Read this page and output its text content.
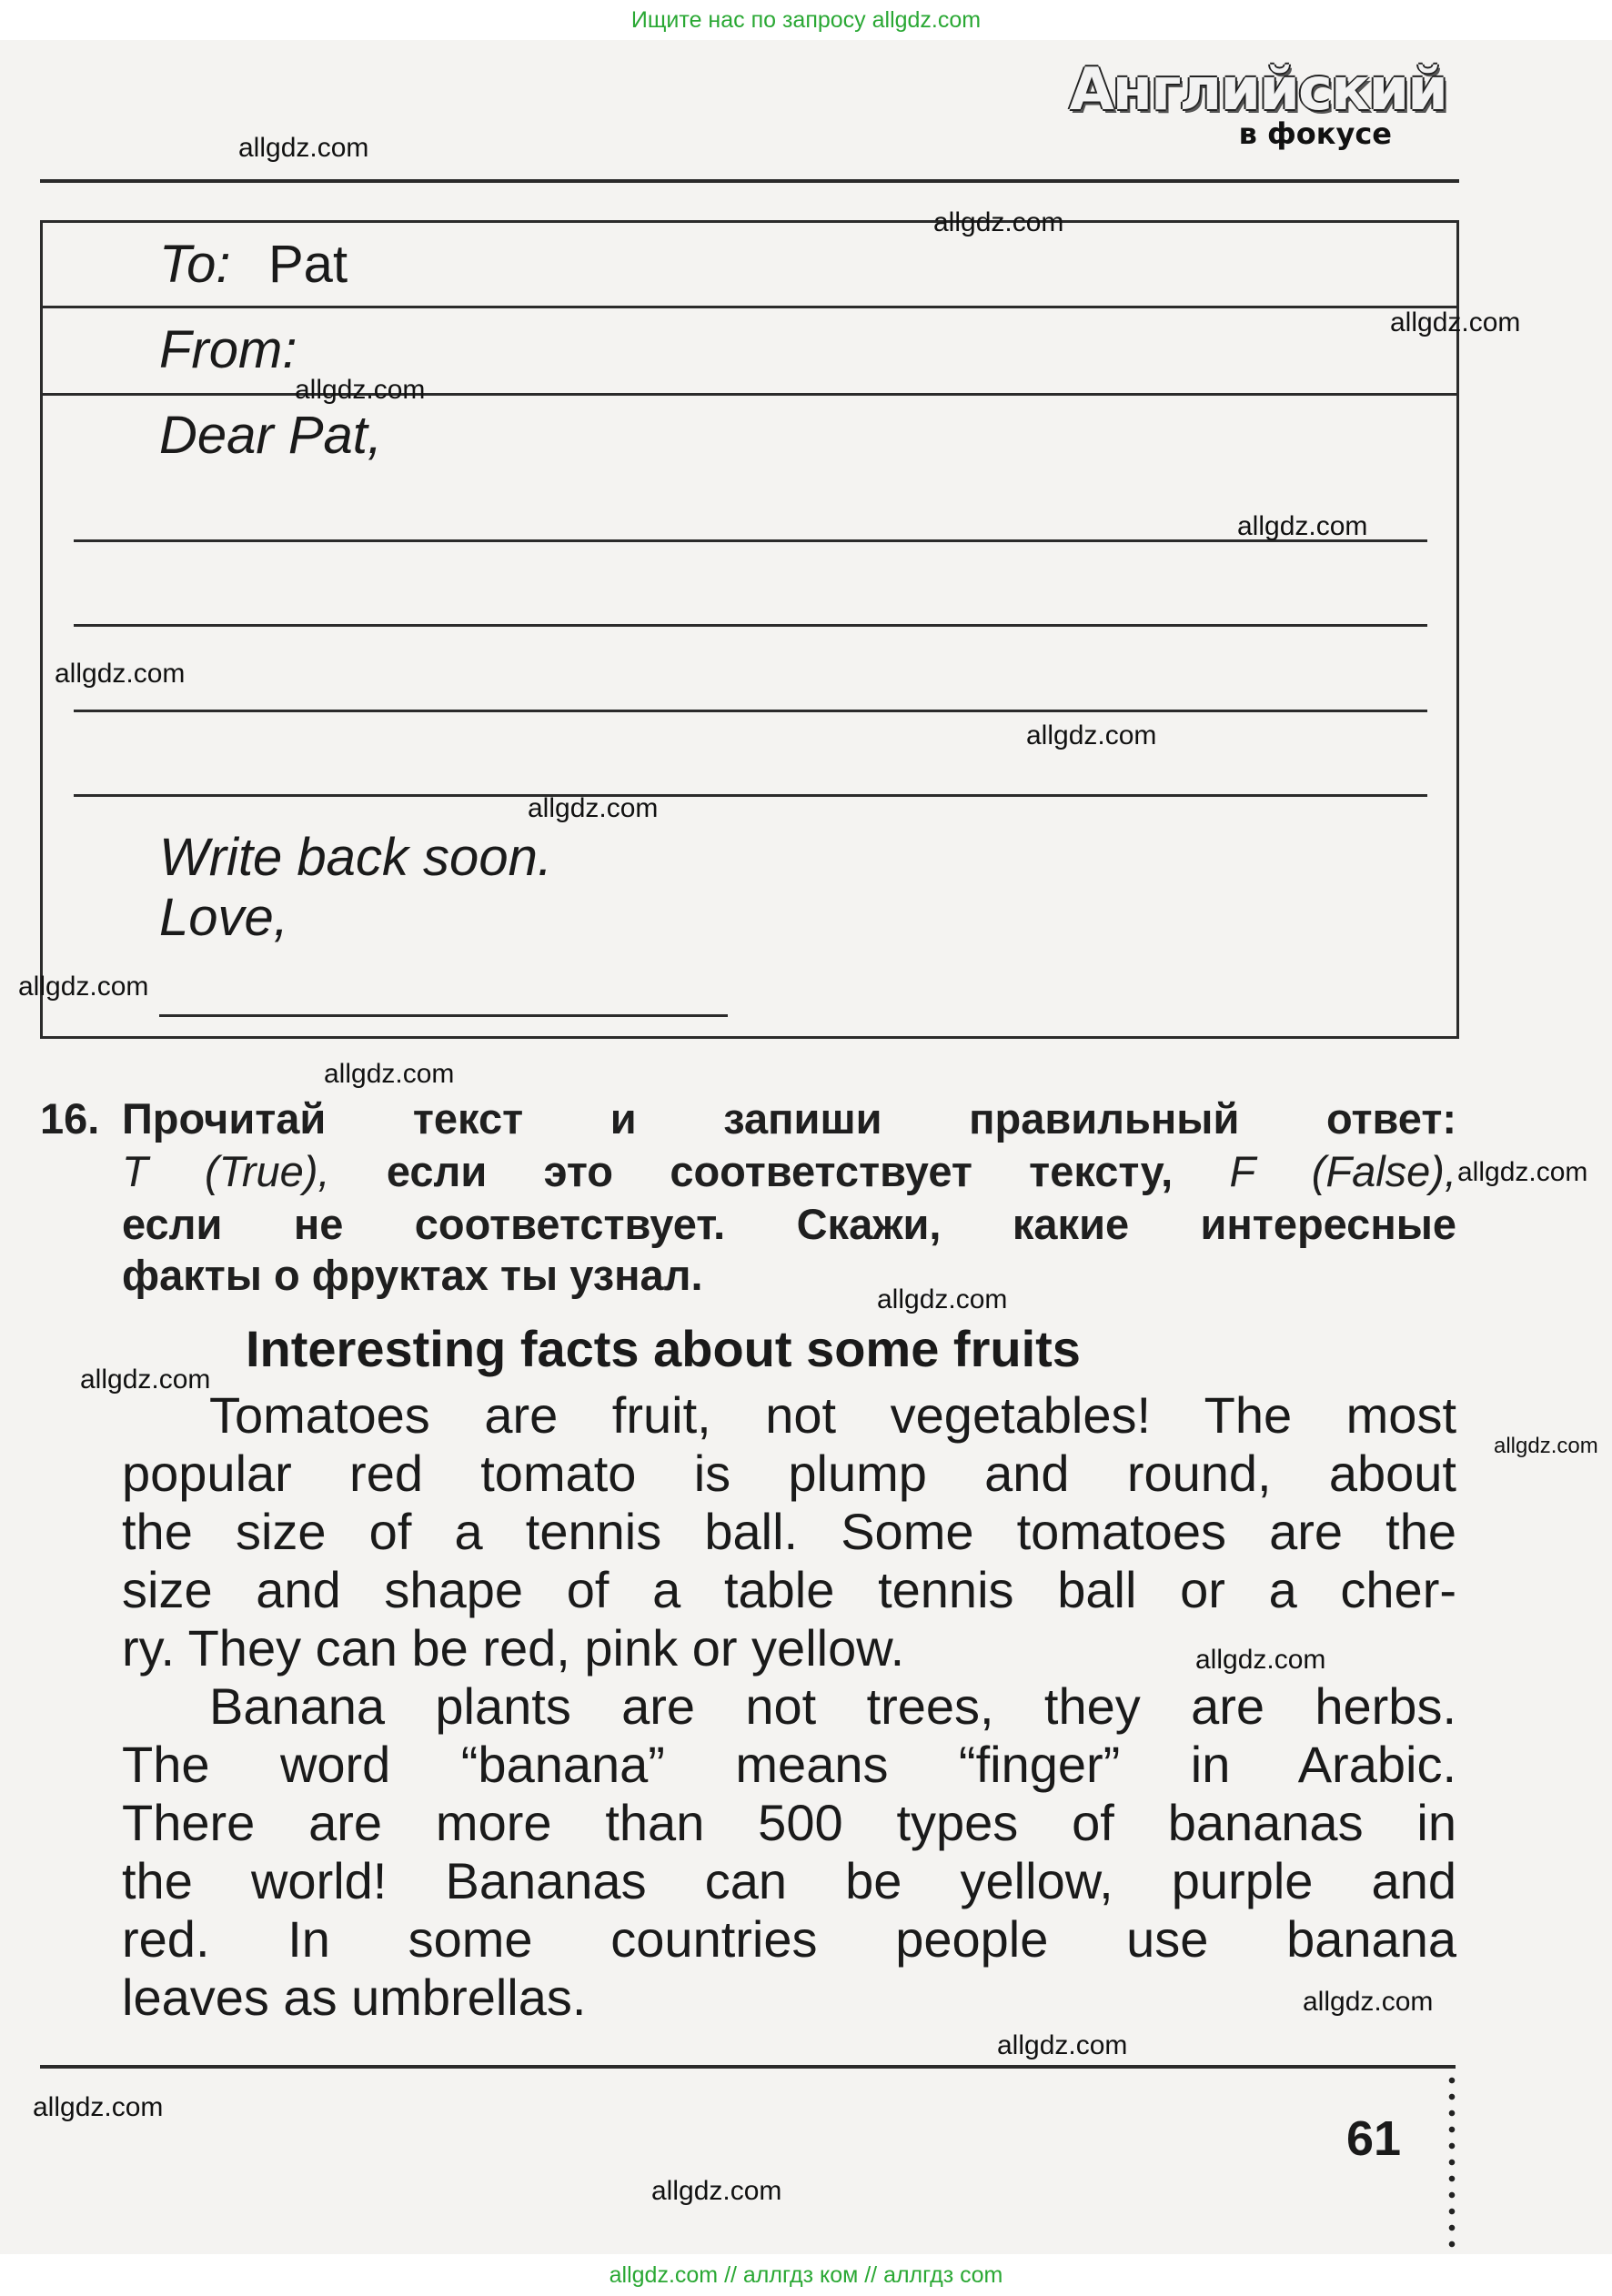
Ищите нас по запросу allgdz.com
Английский
в фокусе
To: Pat
From:
Dear Pat,
Write back soon.
Love,
16. Прочитай текст и запиши правильный ответ:
T (True), если это соответствует тексту, F (False),
если не соответствует. Скажи, какие интересные
факты о фруктах ты узнал.
Interesting facts about some fruits
Tomatoes are fruit, not vegetables! The most
popular red tomato is plump and round, about
the size of a tennis ball. Some tomatoes are the
size and shape of a table tennis ball or a cher-
ry. They can be red, pink or yellow.
Banana plants are not trees, they are herbs.
The word “banana” means “finger” in Arabic.
There are more than 500 types of bananas in
the world! Bananas can be yellow, purple and
red. In some countries people use banana
leaves as umbrellas.
61
allgdz.com
allgdz.com
allgdz.com
allgdz.com
allgdz.com
allgdz.com
allgdz.com
allgdz.com
allgdz.com
allgdz.com
allgdz.com
allgdz.com
allgdz.com
allgdz.com
allgdz.com
allgdz.com
allgdz.com
allgdz.com
allgdz.com
allgdz.com // аллгдз ком // аллгдз com
